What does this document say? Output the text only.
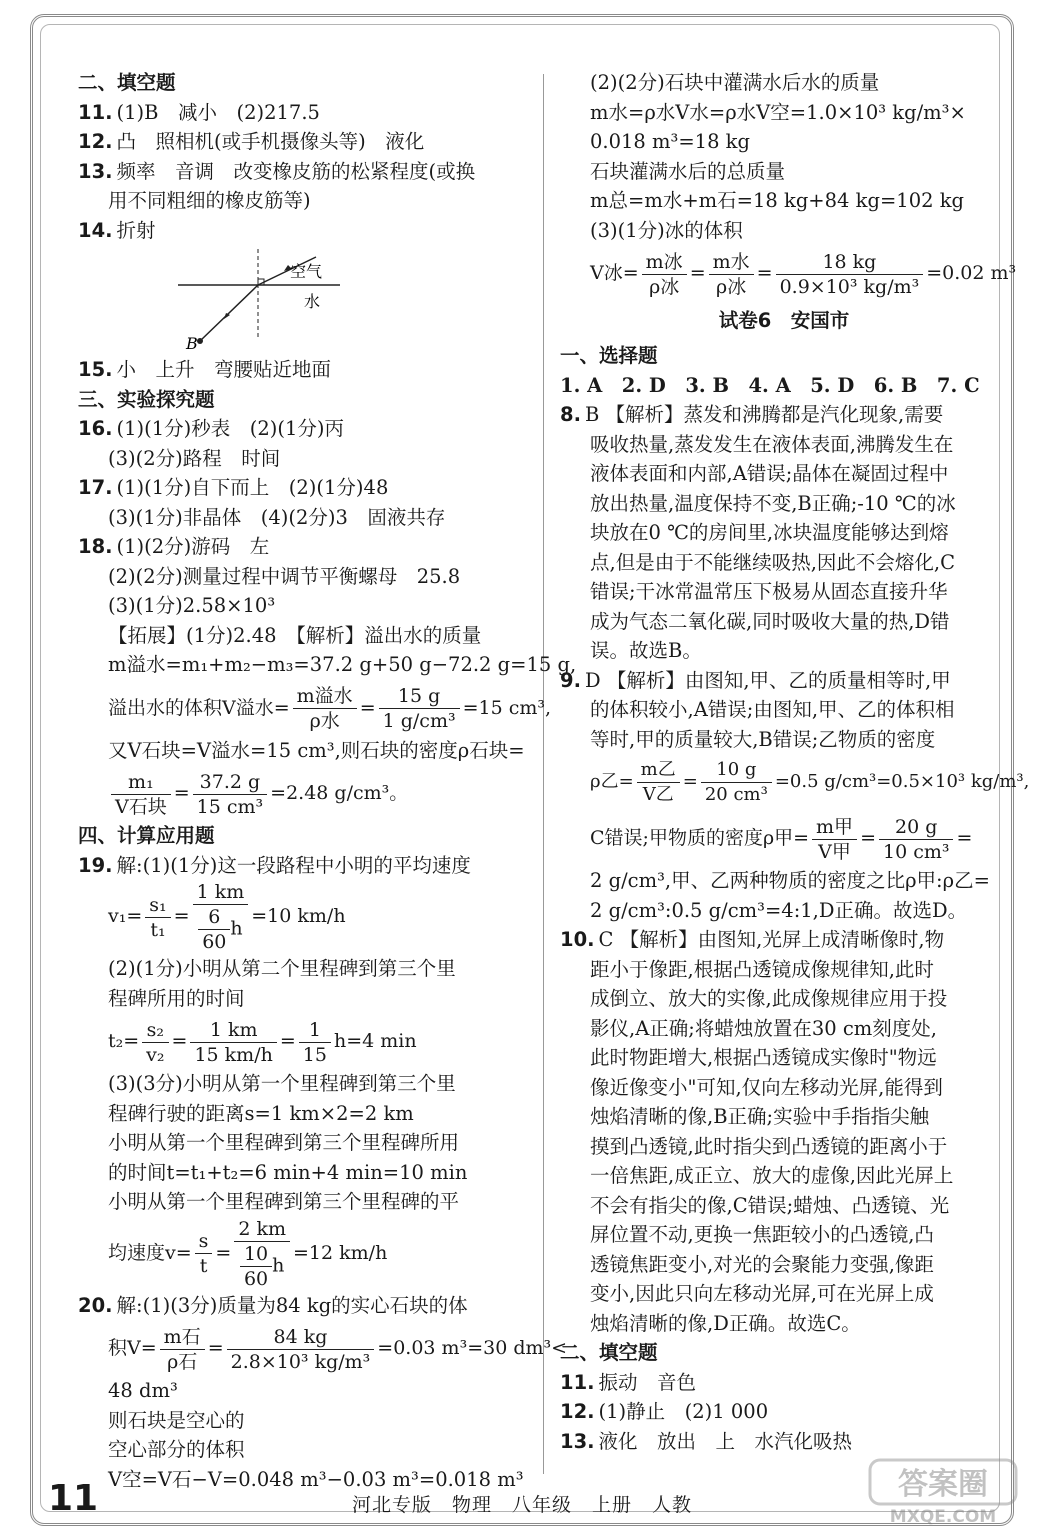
二、填空题
11. (1)B　减小　(2)217.5
12. 凸　照相机(或手机摄像头等)　液化
13. 频率　音调　改变橡皮筋的松紧程度(或换
用不同粗细的橡皮筋等)
14. 折射
空气
水
B
15. 小　上升　弯腰贴近地面
三、实验探究题
16. (1)(1分)秒表　(2)(1分)丙
(3)(2分)路程　时间
17. (1)(1分)自下而上　(2)(1分)48
(3)(1分)非晶体　(4)(2分)3　固液共存
18. (1)(2分)游码　左
(2)(2分)测量过程中调节平衡螺母　25.8
(3)(1分)2.58×10³
【拓展】(1分)2.48　【解析】溢出水的质量
m溢水=m₁+m₂−m₃=37.2 g+50 g−72.2 g=15 g,
溢出水的体积V溢水= $\frac{\text{m溢水}}{\text{ρ水}} = \frac{15 g}{\text{1 g/cm³}} =15$ cm³,
又V石块=V溢水=15 cm³,则石块的密度ρ石块=
$\frac{\text{m₁}}{\text{V石块}} = \frac{37.2 g}{\text{15 cm³}} =2.48$ g/cm³。
四、计算应用题
19. 解:(1)(1分)这一段路程中小明的平均速度
$v_1= \frac{\text{s₁}}{\text{t₁}} = \frac{1 km}{\frac{6}{60} h} =10$ km/h
(2)(1分)小明从第二个里程碑到第三个里
程碑所用的时间
$t_2= \frac{\text{s₂}}{\text{v₂}} = \frac{1 km}{15 km/h} = \frac{1}{15} h=4$ min
(3)(3分)小明从第一个里程碑到第三个里
程碑行驶的距离s=1 km×2=2 km
小明从第一个里程碑到第三个里程碑所用
的时间t=t₁+t₂=6 min+4 min=10 min
小明从第一个里程碑到第三个里程碑的平
均速度$v= \frac{s}{t} = \frac{2 km}{\frac{10}{60} h} =12$ km/h
20. 解:(1)(3分)质量为84 kg的实心石块的体
积$V= \frac{\text{m石}}{\text{ρ石}} = \frac{84 kg}{\text{2.8×10³ kg/m³}} =0.03$ m³=30 dm³<
48 dm³
则石块是空心的
空心部分的体积
V空=V石−V=0.048 m³−0.03 m³=0.018 m³
(2)(2分)石块中灌满水后水的质量
m水=ρ水V水=ρ水V空=1.0×10³ kg/m³×
0.018 m³=18 kg
石块灌满水后的总质量
m总=m水+m石=18 kg+84 kg=102 kg
(3)(1分)冰的体积
V冰= $\frac{\text{m冰}}{\text{ρ冰}} = \frac{\text{m水}}{\text{ρ冰}} = \frac{18 kg}{\text{0.9×10³ kg/m³}} =0.02$ m³
试卷6　安国市
一、选择题
1. A　2. D　3. B　4. A　5. D　6. B　7. C
8. B 【解析】蒸发和沸腾都是汽化现象,需要
吸收热量,蒸发发生在液体表面,沸腾发生在
液体表面和内部,A错误;晶体在凝固过程中
放出热量,温度保持不变,B正确;-10 ℃的冰
块放在0 ℃的房间里,冰块温度能够达到熔
点,但是由于不能继续吸热,因此不会熔化,C
错误;干冰常温常压下极易从固态直接升华
成为气态二氧化碳,同时吸收大量的热,D错
误。故选B。
9. D 【解析】由图知,甲、乙的质量相等时,甲
的体积较小,A错误;由图知,甲、乙的体积相
等时,甲的质量较大,B错误;乙物质的密度
ρ乙= $\frac{\text{m乙}}{\text{V乙}} = \frac{10 g}{\text{20 cm³}} =0.5$ g/cm³=0.5×10³ kg/m³,
C错误;甲物质的密度ρ甲= $\frac{\text{m甲}}{\text{V甲}} = \frac{20 g}{\text{10 cm³}}$ =
2 g/cm³,甲、乙两种物质的密度之比ρ甲:ρ乙=
2 g/cm³:0.5 g/cm³=4:1,D正确。故选D。
10. C 【解析】由图知,光屏上成清晰像时,物
距小于像距,根据凸透镜成像规律知,此时
成倒立、放大的实像,此成像规律应用于投
影仪,A正确;将蜡烛放置在30 cm刻度处,
此时物距增大,根据凸透镜成实像时"物远
像近像变小"可知,仅向左移动光屏,能得到
烛焰清晰的像,B正确;实验中手指指尖触
摸到凸透镜,此时指尖到凸透镜的距离小于
一倍焦距,成正立、放大的虚像,因此光屏上
不会有指尖的像,C错误;蜡烛、凸透镜、光
屏位置不动,更换一焦距较小的凸透镜,凸
透镜焦距变小,对光的会聚能力变强,像距
变小,因此只向左移动光屏,可在光屏上成
烛焰清晰的像,D正确。故选C。
二、填空题
11. 振动　音色
12. (1)静止　(2)1 000
13. 液化　放出　上　水汽化吸热
11	河北专版　物理　八年级　上册　人教
答案圈
MXQE.COM
